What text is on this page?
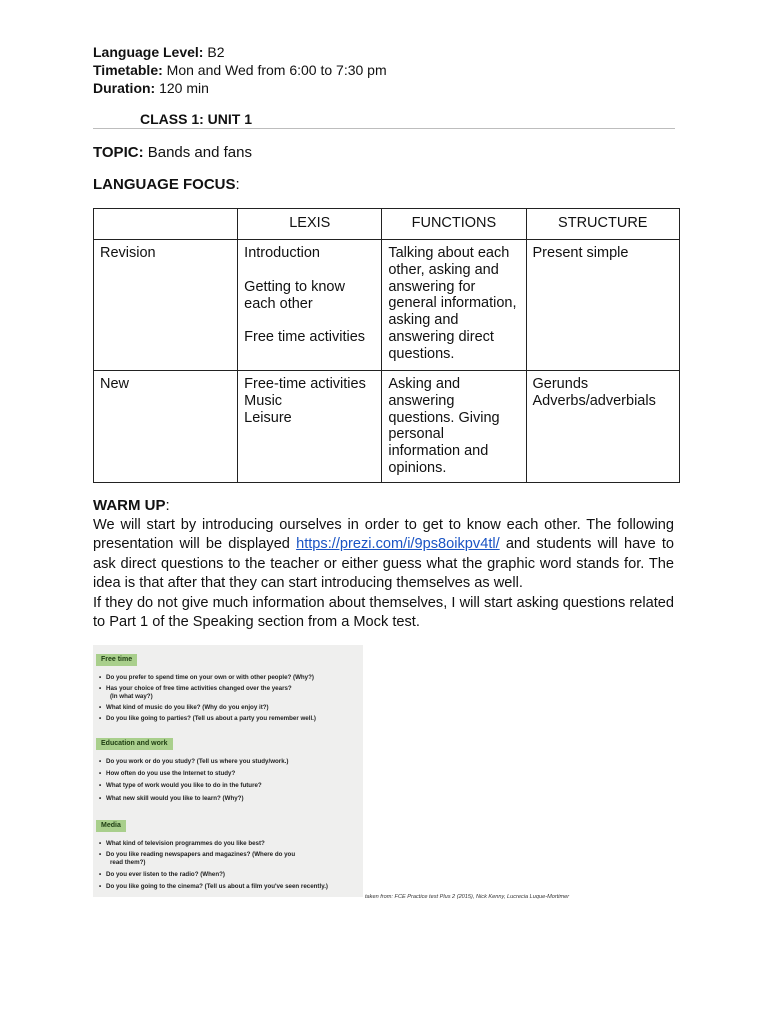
Language Level: B2
Timetable: Mon and Wed from 6:00 to 7:30 pm
Duration: 120 min
CLASS 1: UNIT 1
TOPIC: Bands and fans
LANGUAGE FOCUS:
	LEXIS	FUNCTIONS	STRUCTURE
Revision	Introduction
Getting to know each other
Free time activities	Talking about each other, asking and answering for general information, asking and answering direct questions.	Present simple
New	Free-time activities
Music
Leisure	Asking and answering questions. Giving personal information and opinions.	Gerunds
Adverbs/adverbials
WARM UP:
We will start by introducing ourselves in order to get to know each other. The following presentation will be displayed https://prezi.com/i/9ps8oikpv4tl/ and students will have to ask direct questions to the teacher or either guess what the graphic word stands for. The idea is that after that they can start introducing themselves as well.
If they do not give much information about themselves, I will start asking questions related to Part 1 of the Speaking section from a Mock test.
Free time
• Do you prefer to spend time on your own or with other people? (Why?)
• Has your choice of free time activities changed over the years?
(In what way?)
• What kind of music do you like? (Why do you enjoy it?)
• Do you like going to parties? (Tell us about a party you remember well.)
Education and work
• Do you work or do you study? (Tell us where you study/work.)
• How often do you use the Internet to study?
• What type of work would you like to do in the future?
• What new skill would you like to learn? (Why?)
Media
• What kind of television programmes do you like best?
• Do you like reading newspapers and magazines? (Where do you
read them?)
• Do you ever listen to the radio? (When?)
• Do you like going to the cinema? (Tell us about a film you've seen recently.)
taken from: FCE Practice test Plus 2 (2015), Nick Kenny, Lucrecia Luque-Mortimer
